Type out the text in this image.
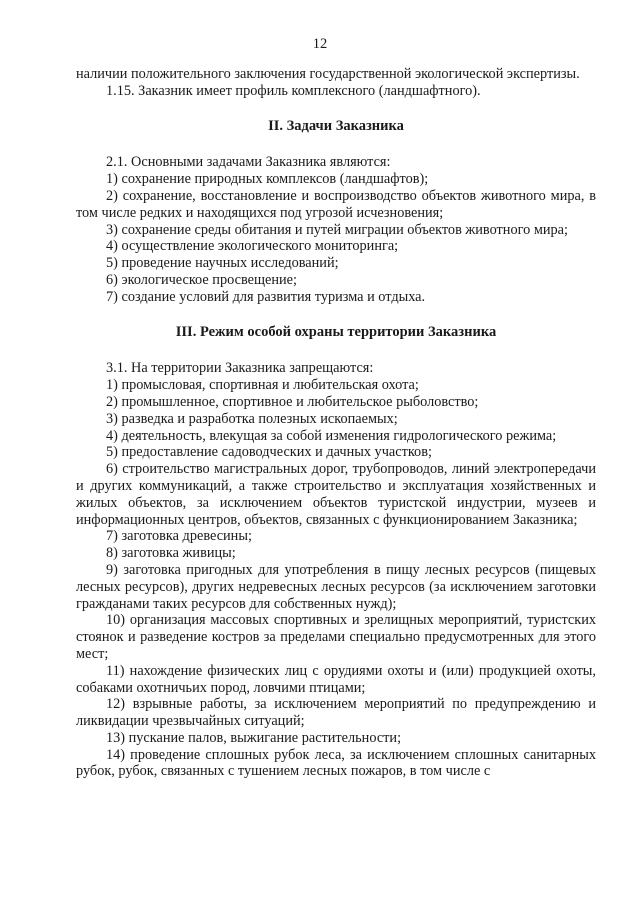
12

наличии положительного заключения государственной экологической экспертизы.

1.15. Заказник имеет профиль комплексного (ландшафтного).

II. Задачи Заказника

2.1. Основными задачами Заказника являются:

1) сохранение природных комплексов (ландшафтов);

2) сохранение, восстановление и воспроизводство объектов животного мира, в том числе редких и находящихся под угрозой исчезновения;

3) сохранение среды обитания и путей миграции объектов животного мира;

4) осуществление экологического мониторинга;

5) проведение научных исследований;

6) экологическое просвещение;

7) создание условий для развития туризма и отдыха.

III. Режим особой охраны территории Заказника

3.1. На территории Заказника запрещаются:

1) промысловая, спортивная и любительская охота;

2) промышленное, спортивное и любительское рыболовство;

3) разведка и разработка полезных ископаемых;

4) деятельность, влекущая за собой изменения гидрологического режима;

5) предоставление садоводческих и дачных участков;

6) строительство магистральных дорог, трубопроводов, линий электропередачи и других коммуникаций, а также строительство и эксплуатация хозяйственных и жилых объектов, за исключением объектов туристской индустрии, музеев и информационных центров, объектов, связанных с функционированием Заказника;

7) заготовка древесины;

8) заготовка живицы;

9) заготовка пригодных для употребления в пищу лесных ресурсов (пищевых лесных ресурсов), других недревесных лесных ресурсов (за исключением заготовки гражданами таких ресурсов для собственных нужд);

10) организация массовых спортивных и зрелищных мероприятий, туристских стоянок и разведение костров за пределами специально предусмотренных для этого мест;

11) нахождение физических лиц с орудиями охоты и (или) продукцией охоты, собаками охотничьих пород, ловчими птицами;

12) взрывные работы, за исключением мероприятий по предупреждению и ликвидации чрезвычайных ситуаций;

13) пускание палов, выжигание растительности;

14) проведение сплошных рубок леса, за исключением сплошных санитарных рубок, рубок, связанных с тушением лесных пожаров, в том числе с
